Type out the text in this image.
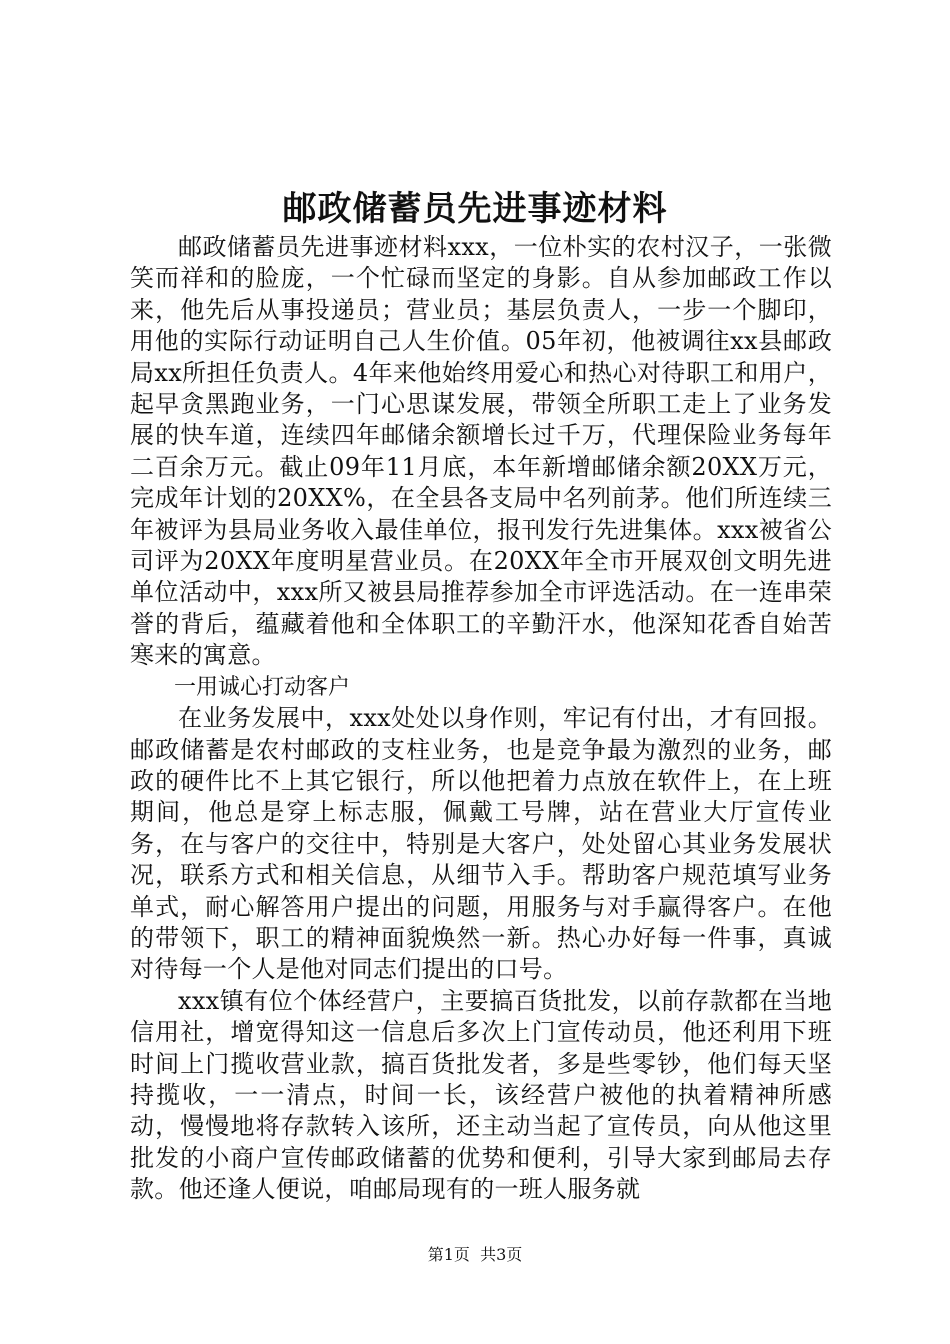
邮政储蓄员先进事迹材料

邮政储蓄员先进事迹材料xxx，一位朴实的农村汉子，一张微笑而祥和的脸庞，一个忙碌而坚定的身影。自从参加邮政工作以来，他先后从事投递员；营业员；基层负责人，一步一个脚印，用他的实际行动证明自己人生价值。05年初，他被调往xx县邮政局xx所担任负责人。4年来他始终用爱心和热心对待职工和用户，起早贪黑跑业务，一门心思谋发展，带领全所职工走上了业务发展的快车道，连续四年邮储余额增长过千万，代理保险业务每年二百余万元。截止09年11月底，本年新增邮储余额20XX万元，完成年计划的20XX%，在全县各支局中名列前茅。他们所连续三年被评为县局业务收入最佳单位，报刊发行先进集体。xxx被省公司评为20XX年度明星营业员。在20XX年全市开展双创文明先进单位活动中，xxx所又被县局推荐参加全市评选活动。在一连串荣誉的背后，蕴藏着他和全体职工的辛勤汗水，他深知花香自始苦寒来的寓意。

一用诚心打动客户

在业务发展中，xxx处处以身作则，牢记有付出，才有回报。邮政储蓄是农村邮政的支柱业务，也是竞争最为激烈的业务，邮政的硬件比不上其它银行，所以他把着力点放在软件上，在上班期间，他总是穿上标志服，佩戴工号牌，站在营业大厅宣传业务，在与客户的交往中，特别是大客户，处处留心其业务发展状况，联系方式和相关信息，从细节入手。帮助客户规范填写业务单式，耐心解答用户提出的问题，用服务与对手赢得客户。在他的带领下，职工的精神面貌焕然一新。热心办好每一件事，真诚对待每一个人是他对同志们提出的口号。

xxx镇有位个体经营户，主要搞百货批发，以前存款都在当地信用社，增宽得知这一信息后多次上门宣传动员，他还利用下班时间上门揽收营业款，搞百货批发者，多是些零钞，他们每天坚持揽收，一一清点，时间一长，该经营户被他的执着精神所感动，慢慢地将存款转入该所，还主动当起了宣传员，向从他这里批发的小商户宣传邮政储蓄的优势和便利，引导大家到邮局去存款。他还逢人便说，咱邮局现有的一班人服务就

第1页 共3页
